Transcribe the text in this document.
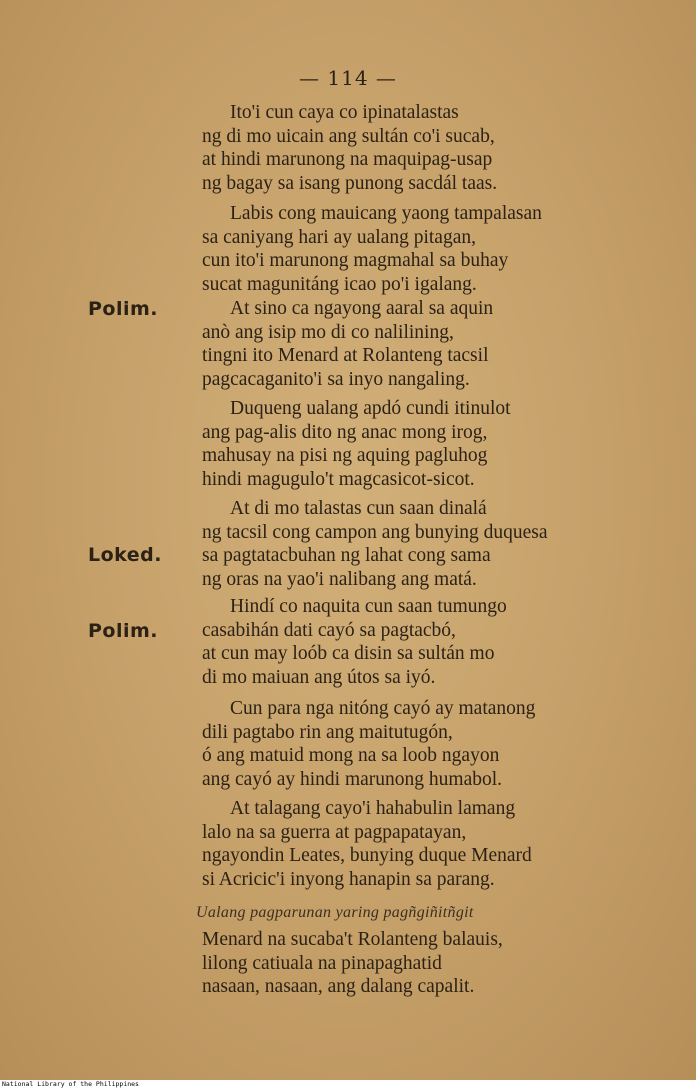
— 114 —
Polim.
Loked.
Polim.
Ito'i cun caya co ipinatalastas
ng di mo uicain ang sultán co'i sucab,
at hindi marunong na maquipag-usap
ng bagay sa isang punong sacdál taas.
Labis cong mauicang yaong tampalasan
sa caniyang hari ay ualang pitagan,
cun ito'i marunong magmahal sa buhay
sucat magunitáng icao po'i igalang.
At sino ca ngayong aaral sa aquin
anò ang isip mo di co nalilining,
tingni ito Menard at Rolanteng tacsil
pagcacaganito'i sa inyo nangaling.
Duqueng ualang apdó cundi itinulot
ang pag-alis dito ng anac mong irog,
mahusay na pisi ng aquing pagluhog
hindi magugulo't magcasicot-sicot.
At di mo talastas cun saan dinalá
ng tacsil cong campon ang bunying duquesa
sa pagtatacbuhan ng lahat cong sama
ng oras na yao'i nalibang ang matá.
Hindí co naquita cun saan tumungo
casabihán dati cayó sa pagtacbó,
at cun may loób ca disin sa sultán mo
di mo maiuan ang útos sa iyó.
Cun para nga nitóng cayó ay matanong
dili pagtabo rin ang maitutugón,
ó ang matuid mong na sa loob ngayon
ang cayó ay hindi marunong humabol.
At talagang cayo'i hahabulin lamang
lalo na sa guerra at pagpapatayan,
ngayondin Leates, bunying duque Menard
si Acricic'i inyong hanapin sa parang.
Ualang pagparunan yaring pagñgiñitñgit
Menard na sucaba't Rolanteng balauis,
lilong catiuala na pinapaghatid
nasaan, nasaan, ang dalang capalit.
National Library of the Philippines
